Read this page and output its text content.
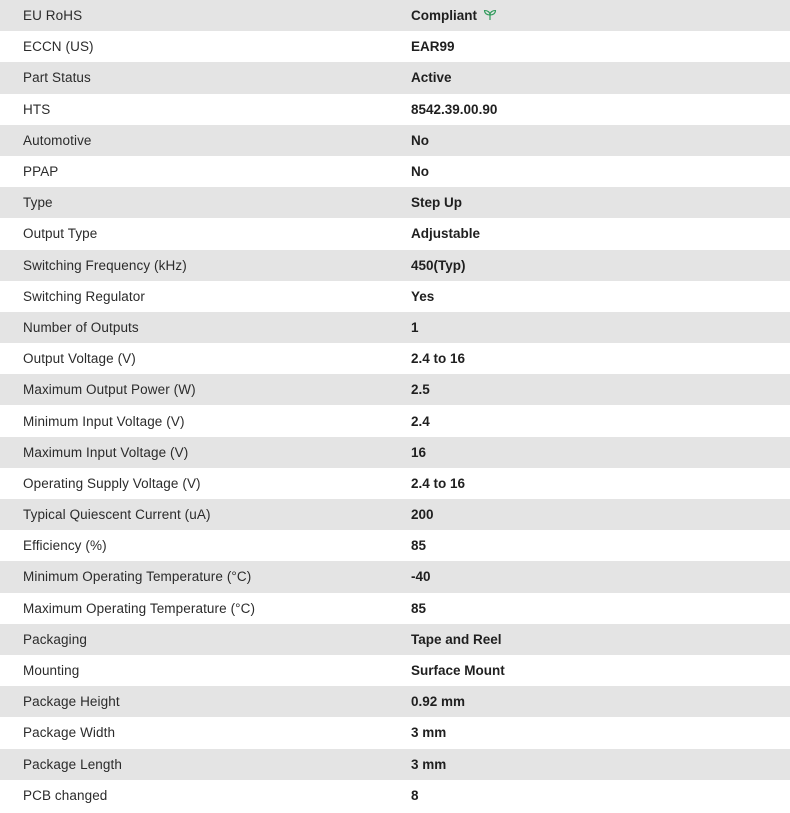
EU RoHS	Compliant
ECCN (US)	EAR99
Part Status	Active
HTS	8542.39.00.90
Automotive	No
PPAP	No
Type	Step Up
Output Type	Adjustable
Switching Frequency (kHz)	450(Typ)
Switching Regulator	Yes
Number of Outputs	1
Output Voltage (V)	2.4 to 16
Maximum Output Power (W)	2.5
Minimum Input Voltage (V)	2.4
Maximum Input Voltage (V)	16
Operating Supply Voltage (V)	2.4 to 16
Typical Quiescent Current (uA)	200
Efficiency (%)	85
Minimum Operating Temperature (°C)	-40
Maximum Operating Temperature (°C)	85
Packaging	Tape and Reel
Mounting	Surface Mount
Package Height	0.92 mm
Package Width	3 mm
Package Length	3 mm
PCB changed	8
